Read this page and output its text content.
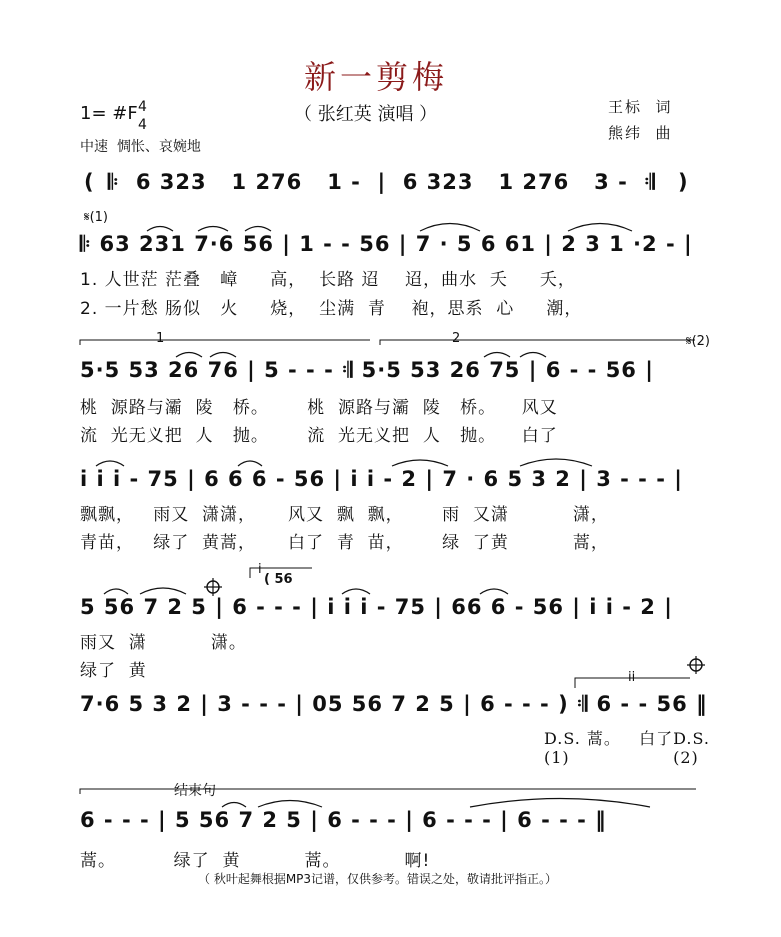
新一剪梅
（ 张红英 演唱 ）
1= #F 4
4
中速  惆怅、哀婉地
王标  词
熊纬  曲
( 𝄆  6 323   1 276   1 -  |  6 323   1 276   3 -  𝄇 )
𝄋(1)
𝄆 63 231 7·6 56 | 1 - - 56 | 7 · 5 6 61 | 2 3 1 ·2 - |
1. 人世茫 茫叠   嶂     高，  长路 迢    迢，曲水  夭     夭，
2. 一片愁 肠似   火     烧，  尘满  青    袍，思系  心     潮，
1	2	𝄋(2)
5·5 53 26 76 | 5 - - - 𝄇 5·5 53 26 75 | 6 - - 56 |
桃  源路与灞  陵   桥。      桃  源路与灞  陵   桥。    风又
流  光无义把  人   抛。      流  光无义把  人   抛。    白了
i i i - 75 | 6 6 6 - 56 | i i - 2 | 7 · 6 5 3 2 | 3 - - - |
飘飘，   雨又  潇潇，     风又  飘  飘，      雨  又潇          潇，
青苗，   绿了  黄蒿，     白了  青  苗，      绿  了黄          蒿，
i
( 56
5 56 7 2 5 | 6 - - - | i i i - 75 | 66 6 - 56 | i i - 2 |
雨又  潇          潇。
绿了  黄	ii
7·6 5 3 2 | 3 - - - | 05 56 7 2 5 | 6 - - - ) 𝄇 6 - - 56 ‖
D.S. 蒿。   白了D.S.
(1)                 (2)
结束句
6 - - - | 5 56 7 2 5 | 6 - - - | 6 - - - | 6 - - - ‖
蒿。         绿了  黄          蒿。          啊!
（ 秋叶起舞根据MP3记谱，仅供参考。错误之处，敬请批评指正。）
